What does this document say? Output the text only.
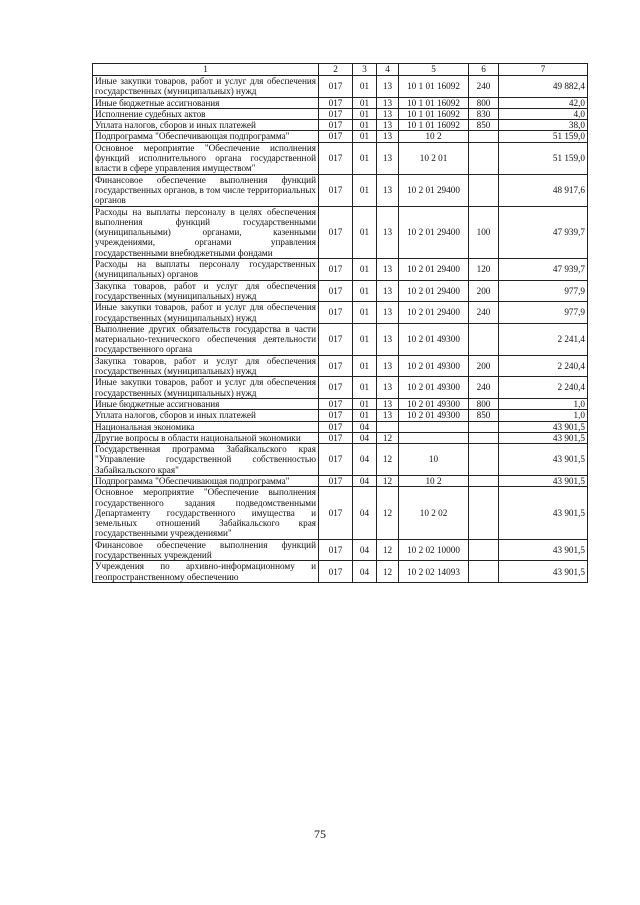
1	2	3	4	5	6	7
Иные закупки товаров, работ и услуг для обеспечения государственных (муниципальных) нужд	017	01	13	10 1 01 16092	240	49 882,4
Иные бюджетные ассигнования	017	01	13	10 1 01 16092	800	42,0
Исполнение судебных актов	017	01	13	10 1 01 16092	830	4,0
Уплата налогов, сборов и иных платежей	017	01	13	10 1 01 16092	850	38,0
Подпрограмма "Обеспечивающая подпрограмма"	017	01	13	10 2		51 159,0
Основное мероприятие "Обеспечение исполнения функций исполнительного органа государственной власти в сфере управления имуществом"	017	01	13	10 2 01		51 159,0
Финансовое обеспечение выполнения функций государственных органов, в том числе территориальных органов	017	01	13	10 2 01 29400		48 917,6
Расходы на выплаты персоналу в целях обеспечения выполнения функций государственными (муниципальными) органами, казенными учреждениями, органами управления государственными внебюджетными фондами	017	01	13	10 2 01 29400	100	47 939,7
Расходы на выплаты персоналу государственных (муниципальных) органов	017	01	13	10 2 01 29400	120	47 939,7
Закупка товаров, работ и услуг для обеспечения государственных (муниципальных) нужд	017	01	13	10 2 01 29400	200	977,9
Иные закупки товаров, работ и услуг для обеспечения государственных (муниципальных) нужд	017	01	13	10 2 01 29400	240	977,9
Выполнение других обязательств государства в части материально-технического обеспечения деятельности государственного органа	017	01	13	10 2 01 49300		2 241,4
Закупка товаров, работ и услуг для обеспечения государственных (муниципальных) нужд	017	01	13	10 2 01 49300	200	2 240,4
Иные закупки товаров, работ и услуг для обеспечения государственных (муниципальных) нужд	017	01	13	10 2 01 49300	240	2 240,4
Иные бюджетные ассигнования	017	01	13	10 2 01 49300	800	1,0
Уплата налогов, сборов и иных платежей	017	01	13	10 2 01 49300	850	1,0
Национальная экономика	017	04				43 901,5
Другие вопросы в области национальной экономики	017	04	12			43 901,5
Государственная программа Забайкальского края "Управление государственной собственностью Забайкальского края"	017	04	12	10		43 901,5
Подпрограмма "Обеспечивающая подпрограмма"	017	04	12	10 2		43 901,5
Основное мероприятие "Обеспечение выполнения государственного задания подведомственными Департаменту государственного имущества и земельных отношений Забайкальского края государственными учреждениями"	017	04	12	10 2 02		43 901,5
Финансовое обеспечение выполнения функций государственных учреждений	017	04	12	10 2 02 10000		43 901,5
Учреждения по архивно-информационному и геопространственному обеспечению	017	04	12	10 2 02 14093		43 901,5
75
